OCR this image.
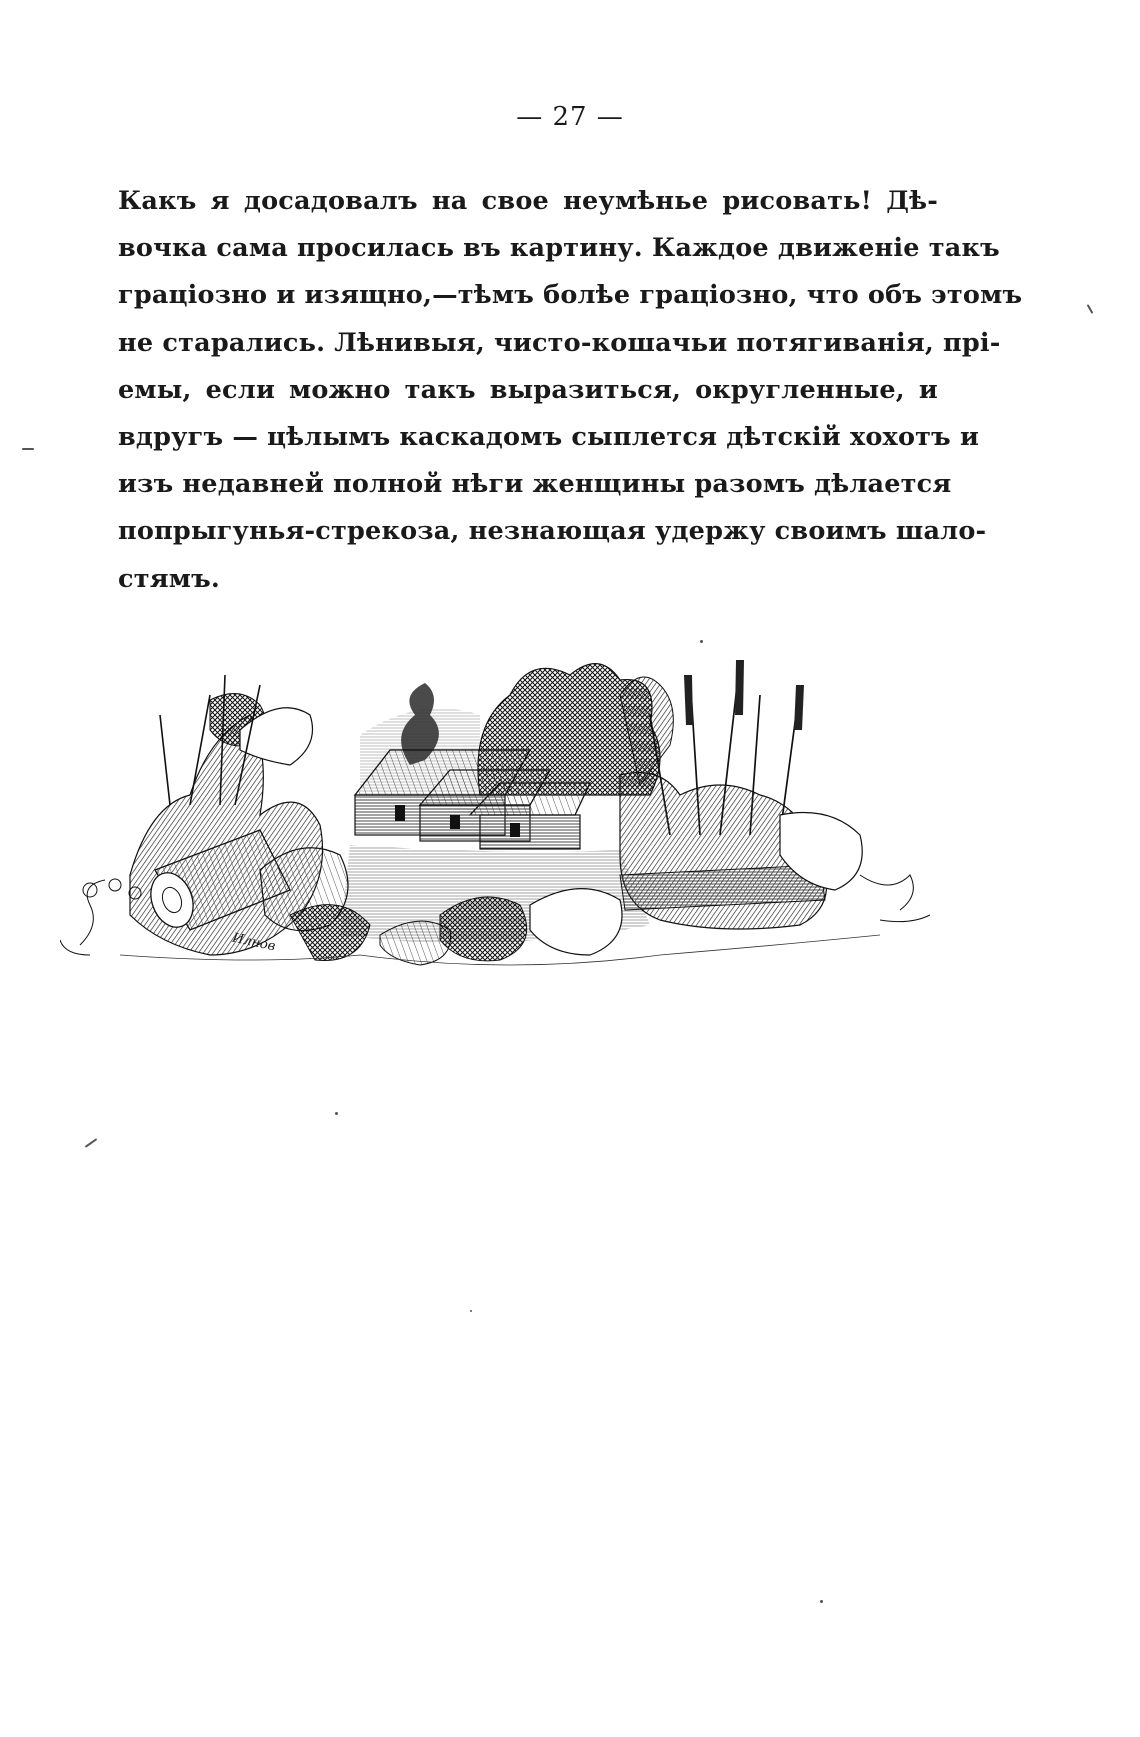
— 27 —
Какъ я досадовалъ на свое неумѣнье рисовать! Дѣ-
вочка сама просилась въ картину. Каждое движеніе такъ
граціозно и изящно,—тѣмъ болѣе граціозно, что объ этомъ
не старались. Лѣнивыя, чисто-кошачьи потягиванія, прі-
емы, если можно такъ выразиться, округленные, и
вдругъ — цѣлымъ каскадомъ сыплется дѣтскій хохотъ и
изъ недавней полной нѣги женщины разомъ дѣлается
попрыгунья-стрекоза, незнающая удержу своимъ шало-
стямъ.
Илнов
